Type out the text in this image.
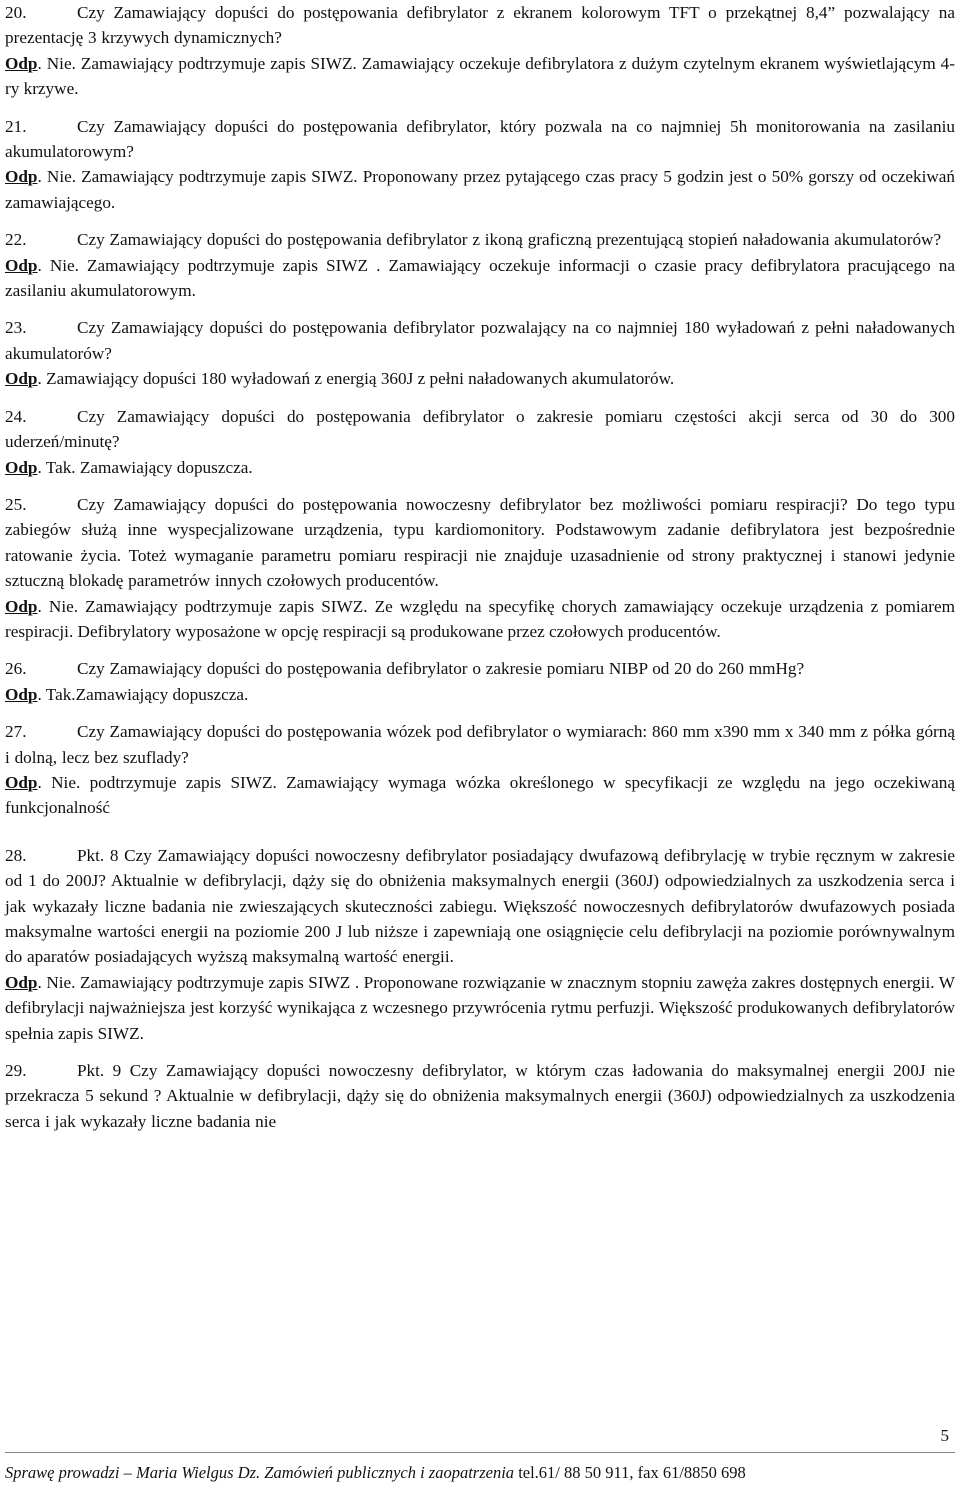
20.	Czy Zamawiający dopuści do postępowania defibrylator z ekranem kolorowym TFT o przekątnej 8,4” pozwalający na prezentację 3 krzywych dynamicznych?

Odp. Nie. Zamawiający podtrzymuje zapis SIWZ. Zamawiający oczekuje defibrylatora z dużym czytelnym ekranem wyświetlającym 4-ry krzywe.

21.	Czy Zamawiający dopuści do postępowania defibrylator, który pozwala na co najmniej 5h monitorowania na zasilaniu akumulatorowym?

Odp. Nie. Zamawiający podtrzymuje zapis SIWZ. Proponowany przez pytającego czas pracy 5 godzin jest o 50% gorszy od oczekiwań zamawiającego.

22.	Czy Zamawiający dopuści do postępowania defibrylator z ikoną graficzną prezentującą stopień naładowania akumulatorów?

Odp. Nie. Zamawiający podtrzymuje zapis SIWZ . Zamawiający oczekuje informacji o czasie pracy defibrylatora pracującego na zasilaniu akumulatorowym.

23.	Czy Zamawiający dopuści do postępowania defibrylator pozwalający na co najmniej 180 wyładowań z pełni naładowanych akumulatorów?

Odp. Zamawiający dopuści 180 wyładowań z energią 360J z pełni naładowanych akumulatorów.

24.	Czy Zamawiający dopuści do postępowania defibrylator o zakresie pomiaru częstości akcji serca od 30 do 300 uderzeń/minutę?

Odp. Tak. Zamawiający dopuszcza.

25.	Czy Zamawiający dopuści do postępowania nowoczesny defibrylator bez możliwości pomiaru respiracji? Do tego typu zabiegów służą inne wyspecjalizowane urządzenia, typu kardiomonitory. Podstawowym zadanie defibrylatora jest bezpośrednie ratowanie życia. Toteż wymaganie parametru pomiaru respiracji nie znajduje uzasadnienie od strony praktycznej i stanowi jedynie sztuczną blokadę parametrów innych czołowych producentów.

Odp. Nie. Zamawiający podtrzymuje zapis SIWZ. Ze względu na specyfikę chorych zamawiający oczekuje urządzenia z pomiarem respiracji. Defibrylatory wyposażone w opcję respiracji są produkowane przez czołowych producentów.

26.	Czy Zamawiający dopuści do postępowania defibrylator o zakresie pomiaru NIBP od 20 do 260 mmHg?

Odp. Tak.Zamawiający dopuszcza.

27.	Czy Zamawiający dopuści do postępowania wózek pod defibrylator o wymiarach: 860 mm x390 mm x 340 mm z półka górną i dolną, lecz bez szuflady?

Odp. Nie. podtrzymuje zapis SIWZ. Zamawiający wymaga wózka określonego w specyfikacji ze względu na jego oczekiwaną funkcjonalność

28.	Pkt. 8 Czy Zamawiający dopuści nowoczesny defibrylator posiadający dwufazową defibrylację w trybie ręcznym w zakresie od 1 do 200J? Aktualnie w defibrylacji, dąży się do obniżenia maksymalnych energii (360J) odpowiedzialnych za uszkodzenia serca i jak wykazały liczne badania nie zwieszających skuteczności zabiegu. Większość nowoczesnych defibrylatorów dwufazowych posiada maksymalne wartości energii na poziomie 200 J lub niższe i zapewniają one osiągnięcie celu defibrylacji na poziomie porównywalnym do aparatów posiadających wyższą maksymalną wartość energii.

Odp. Nie. Zamawiający podtrzymuje zapis SIWZ . Proponowane rozwiązanie w znacznym stopniu zawęża zakres dostępnych energii. W defibrylacji najważniejsza jest korzyść wynikająca z wczesnego przywrócenia rytmu perfuzji. Większość produkowanych defibrylatorów spełnia zapis SIWZ.

29.	Pkt. 9 Czy Zamawiający dopuści nowoczesny defibrylator, w którym czas ładowania do maksymalnej energii 200J nie przekracza 5 sekund ? Aktualnie w defibrylacji, dąży się do obniżenia maksymalnych energii (360J) odpowiedzialnych za uszkodzenia serca i jak wykazały liczne badania nie

5
Sprawę prowadzi – Maria Wielgus Dz. Zamówień publicznych i zaopatrzenia tel.61/ 88 50 911, fax 61/8850 698
